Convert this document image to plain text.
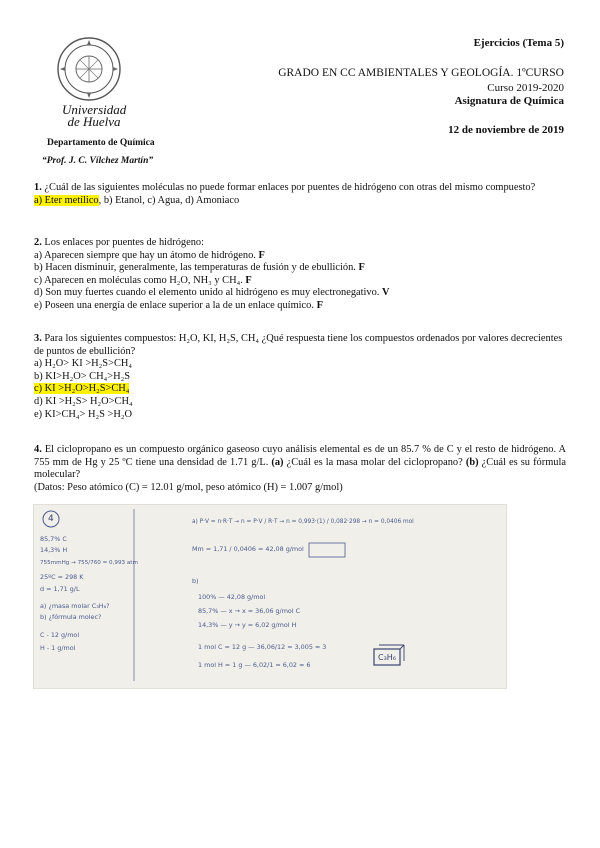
Ejercicios (Tema 5)
GRADO EN CC AMBIENTALES Y GEOLOGÍA. 1ºCURSO
Curso 2019-2020
Asignatura de Química
12 de noviembre de 2019
Universidad de Huelva
Departamento de Química
“Prof. J. C. Vílchez Martín”

1. ¿Cuál de las siguientes moléculas no puede formar enlaces por puentes de hidrógeno con otras del mismo compuesto?

a) Eter metílico, b) Etanol, c) Agua, d) Amoniaco

2. Los enlaces por puentes de hidrógeno:

a) Aparecen siempre que hay un átomo de hidrógeno. F

b) Hacen disminuir, generalmente, las temperaturas de fusión y de ebullición. F

c) Aparecen en moléculas como H₂O, NH₃ y CH₄. F

d) Son muy fuertes cuando el elemento unido al hidrógeno es muy electronegativo. V

e) Poseen una energía de enlace superior a la de un enlace químico. F

3. Para los siguientes compuestos: H₂O, KI, H₂S, CH₄ ¿Qué respuesta tiene los compuestos ordenados por valores decrecientes de puntos de ebullición?

a) H₂O> KI >H₂S>CH₄

b) KI>H₂O> CH₄>H₂S

c) KI >H₂O>H₂S>CH₄

d) KI >H₂S> H₂O>CH₄

e) KI>CH₄> H₂S >H₂O

4. El ciclopropano es un compuesto orgánico gaseoso cuyo análisis elemental es de un 85.7 % de C y el resto de hidrógeno. A 755 mm de Hg y 25 ºC tiene una densidad de 1.71 g/L. (a) ¿Cuál es la masa molar del ciclopropano? (b) ¿Cuál es su fórmula molecular?

(Datos: Peso atómico (C) = 12.01 g/mol, peso atómico (H) = 1.007 g/mol)

4
85,7% C
14,3% H
755mmHg → 755/760 = 0,993 atm
25ºC = 298 K
d = 1,71 g/L
a) ¿masa molar C₃H₆?
b) ¿fórmula molec?
C - 12 g/mol
H - 1 g/mol
a) P·V = n·R·T → n = P·V / R·T → n = 0,993·(1) / 0,082·298 → n = 0,0406 mol
Mm = 1,71 / 0,0406 = 42,08 g/mol
b)
100% — 42,08 g/mol
85,7% — x → x = 36,06 g/mol C
14,3% — y → y = 6,02 g/mol H
1 mol C = 12 g — 36,06/12 = 3,005 ≈ 3
1 mol H = 1 g — 6,02/1 = 6,02 ≈ 6
C₃H₆
